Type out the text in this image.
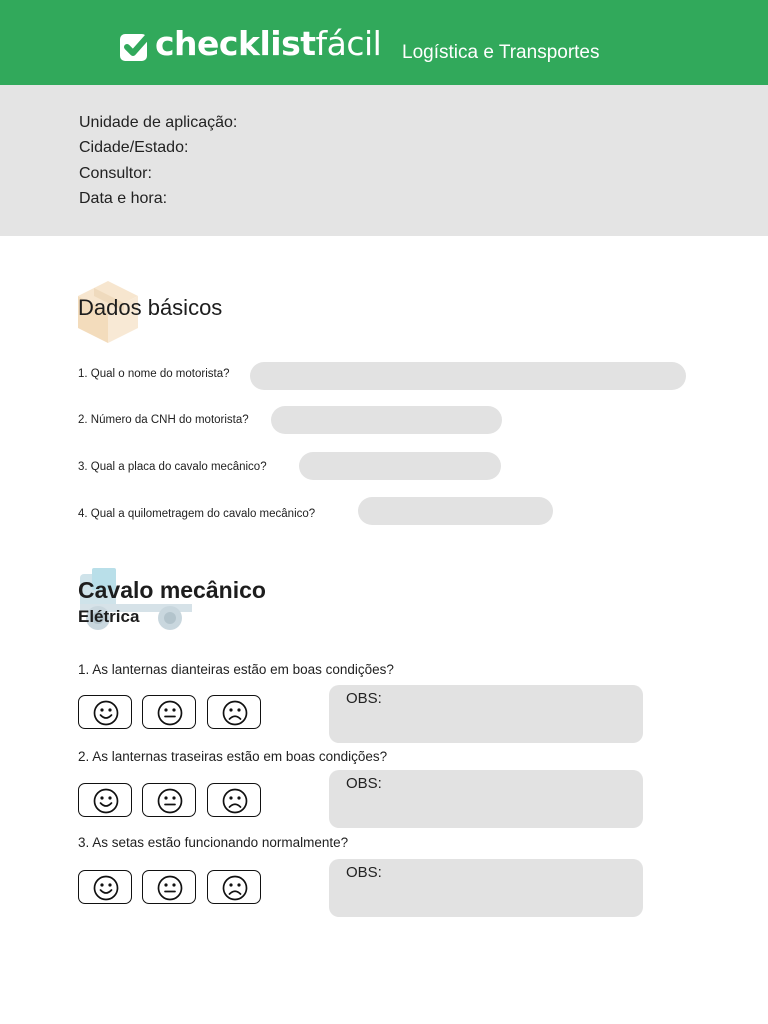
checklistfácil Logística e Transportes
Unidade de aplicação:
Cidade/Estado:
Consultor:
Data e hora:
Dados básicos
1. Qual o nome do motorista?
2. Número da CNH do motorista?
3. Qual a placa do cavalo mecânico?
4. Qual a quilometragem do cavalo mecânico?
Cavalo mecânico
Elétrica
1. As lanternas dianteiras estão em boas condições?
OBS:
2. As lanternas traseiras estão em boas condições?
OBS:
3. As setas estão funcionando normalmente?
OBS:
